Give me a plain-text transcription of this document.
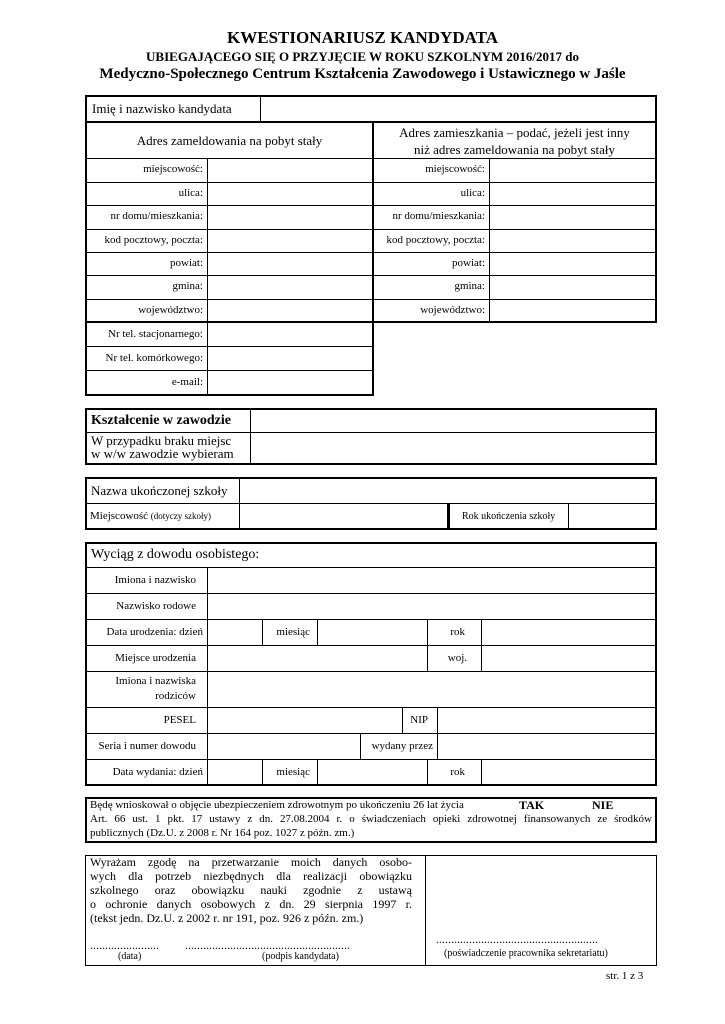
KWESTIONARIUSZ KANDYDATA
UBIEGAJĄCEGO SIĘ O PRZYJĘCIE W ROKU SZKOLNYM 2016/2017 do
Medyczno-Społecznego Centrum Kształcenia Zawodowego i Ustawicznego w Jaśle
Imię i nazwisko kandydata
Adres zameldowania na pobyt stały
Adres zamieszkania – podać, jeżeli jest inny
niż adres zameldowania na pobyt stały
miejscowość:
ulica:
nr domu/mieszkania:
kod pocztowy, poczta:
powiat:
gmina:
województwo:
miejscowość:
ulica:
nr domu/mieszkania:
kod pocztowy, poczta:
powiat:
gmina:
województwo:
Nr tel. stacjonarnego:
Nr tel. komórkowego:
e-mail:
Kształcenie w zawodzie
W przypadku braku miejsc
w w/w zawodzie wybieram
Nazwa ukończonej szkoły
Miejscowość (dotyczy szkoły)	Rok ukończenia szkoły
Wyciąg z dowodu osobistego:
Imiona i nazwisko
Nazwisko rodowe
Data urodzenia: dzień	miesiąc	rok
Miejsce urodzenia	woj.
Imiona i nazwiska
rodziców
PESEL	NIP
Seria i numer dowodu	wydany przez
Data wydania: dzień	miesiąc	rok
Będę wnioskował o objęcie ubezpieczeniem zdrowotnym po ukończeniu 26 lat życia	TAK	NIE
Art. 66 ust. 1 pkt. 17 ustawy z dn. 27.08.2004 r. o świadczeniach opieki zdrowotnej finansowanych ze środków
publicznych (Dz.U. z 2008 r. Nr 164 poz. 1027 z późn. zm.)
Wyrażam zgodę na przetwarzanie moich danych osobo-
wych dla potrzeb niezbędnych dla realizacji obowiązku
szkolnego oraz obowiązku nauki zgodnie z ustawą
o ochronie danych osobowych z dn. 29 sierpnia 1997 r.
(tekst jedn. Dz.U. z 2002 r. nr 191, poz. 926 z późn. zm.)
....................... .......................................................
(data)	(podpis kandydata)
......................................................
(poświadczenie pracownika sekretariatu)
str. 1 z 3
